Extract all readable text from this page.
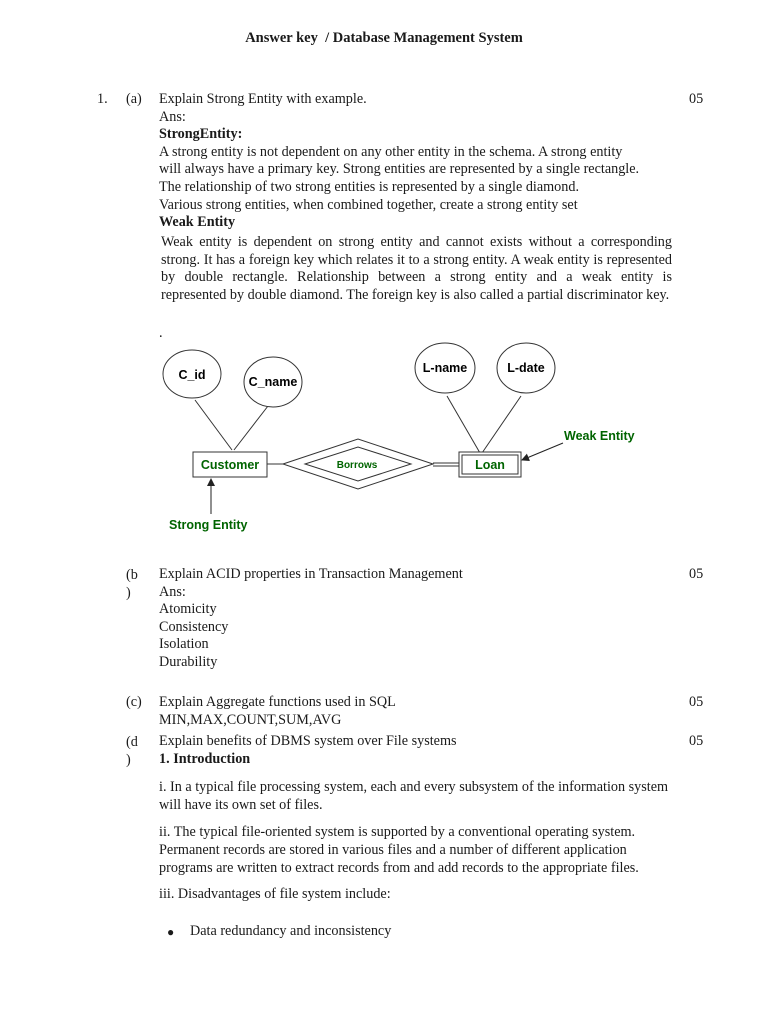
Answer key  / Database Management System
1. (a)	05
Explain Strong Entity with example.
Ans:
StrongEntity:
A strong entity is not dependent on any other entity in the schema. A strong entity
will always have a primary key. Strong entities are represented by a single rectangle.
The relationship of two strong entities is represented by a single diamond.
Various strong entities, when combined together, create a strong entity set
Weak Entity
Weak entity is dependent on strong entity and cannot exists without a corresponding strong. It has a foreign key which relates it to a strong entity. A weak entity is represented by double rectangle. Relationship between a strong entity and a weak entity is represented by double diamond. The foreign key is also called a partial discriminator key.
.
C_id	C_name
L-name	L-date
Customer	Borrows	Loan
Weak Entity
Strong Entity
(b
)
05
Explain ACID properties in Transaction Management
Ans:
Atomicity
Consistency
Isolation
Durability
(c)	05
Explain Aggregate functions used in SQL
MIN,MAX,COUNT,SUM,AVG
(d
)
05
Explain benefits of DBMS system over File systems
1. Introduction
i. In a typical file processing system, each and every subsystem of the information system will have its own set of files.
ii. The typical file-oriented system is supported by a conventional operating system. Permanent records are stored in various files and a number of different application programs are written to extract records from and add records to the appropriate files.
iii. Disadvantages of file system include:
● Data redundancy and inconsistency
